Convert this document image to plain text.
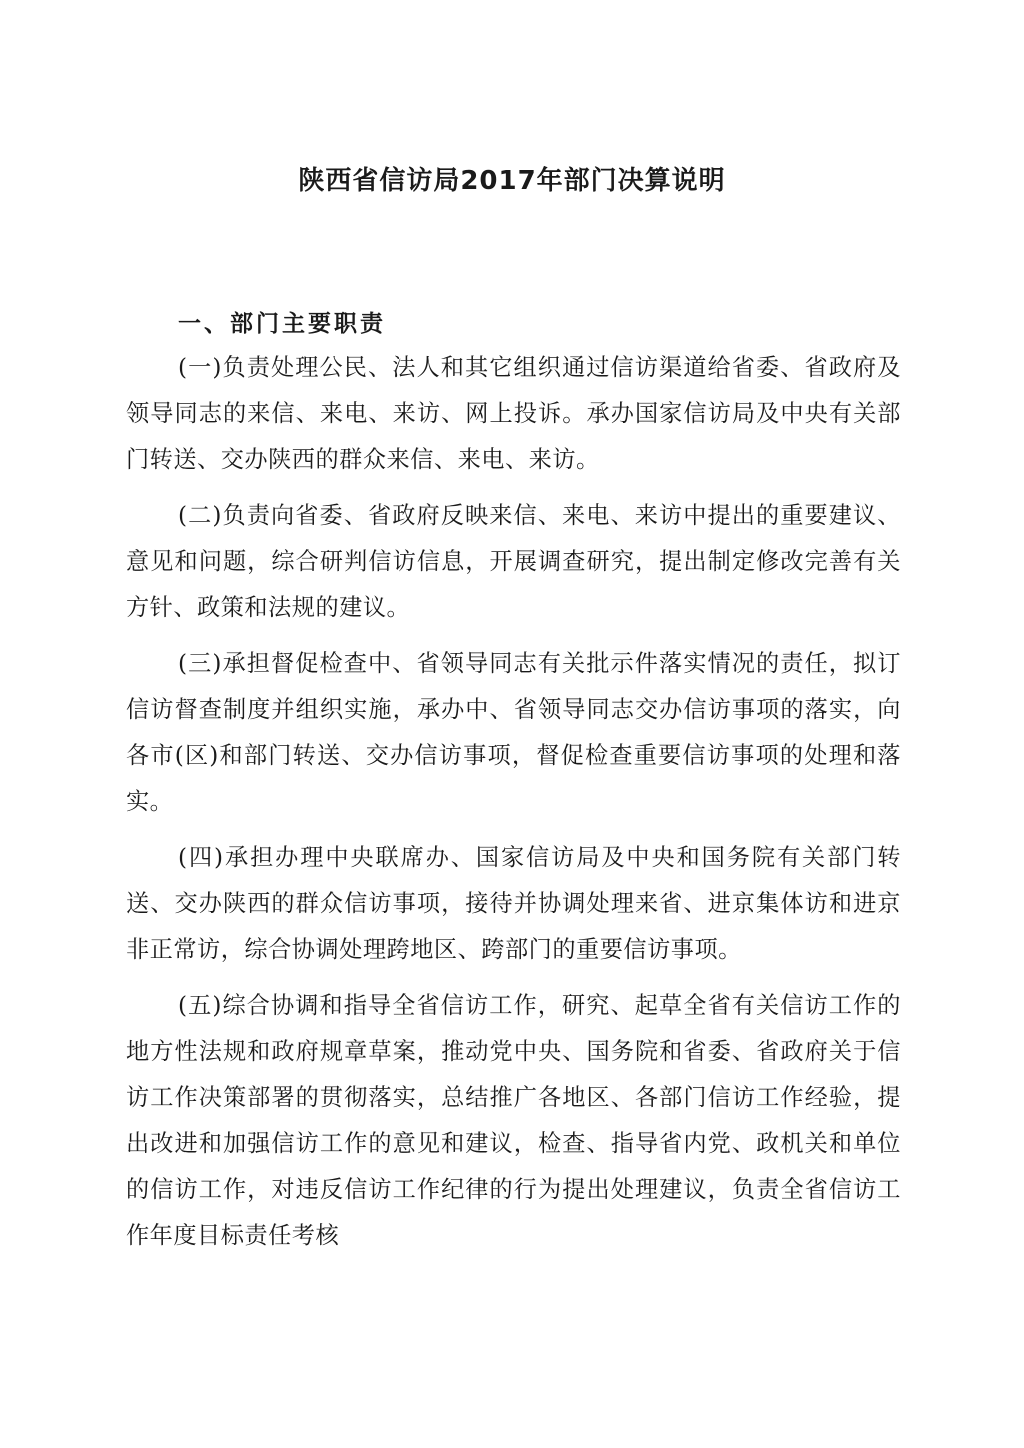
陕西省信访局2017年部门决算说明
一、部门主要职责

(一)负责处理公民、法人和其它组织通过信访渠道给省委、省政府及领导同志的来信、来电、来访、网上投诉。承办国家信访局及中央有关部门转送、交办陕西的群众来信、来电、来访。

(二)负责向省委、省政府反映来信、来电、来访中提出的重要建议、意见和问题，综合研判信访信息，开展调查研究，提出制定修改完善有关方针、政策和法规的建议。

(三)承担督促检查中、省领导同志有关批示件落实情况的责任，拟订信访督查制度并组织实施，承办中、省领导同志交办信访事项的落实，向各市(区)和部门转送、交办信访事项，督促检查重要信访事项的处理和落实。

(四)承担办理中央联席办、国家信访局及中央和国务院有关部门转送、交办陕西的群众信访事项，接待并协调处理来省、进京集体访和进京非正常访，综合协调处理跨地区、跨部门的重要信访事项。

(五)综合协调和指导全省信访工作，研究、起草全省有关信访工作的地方性法规和政府规章草案，推动党中央、国务院和省委、省政府关于信访工作决策部署的贯彻落实，总结推广各地区、各部门信访工作经验，提出改进和加强信访工作的意见和建议，检查、指导省内党、政机关和单位的信访工作，对违反信访工作纪律的行为提出处理建议，负责全省信访工作年度目标责任考核
